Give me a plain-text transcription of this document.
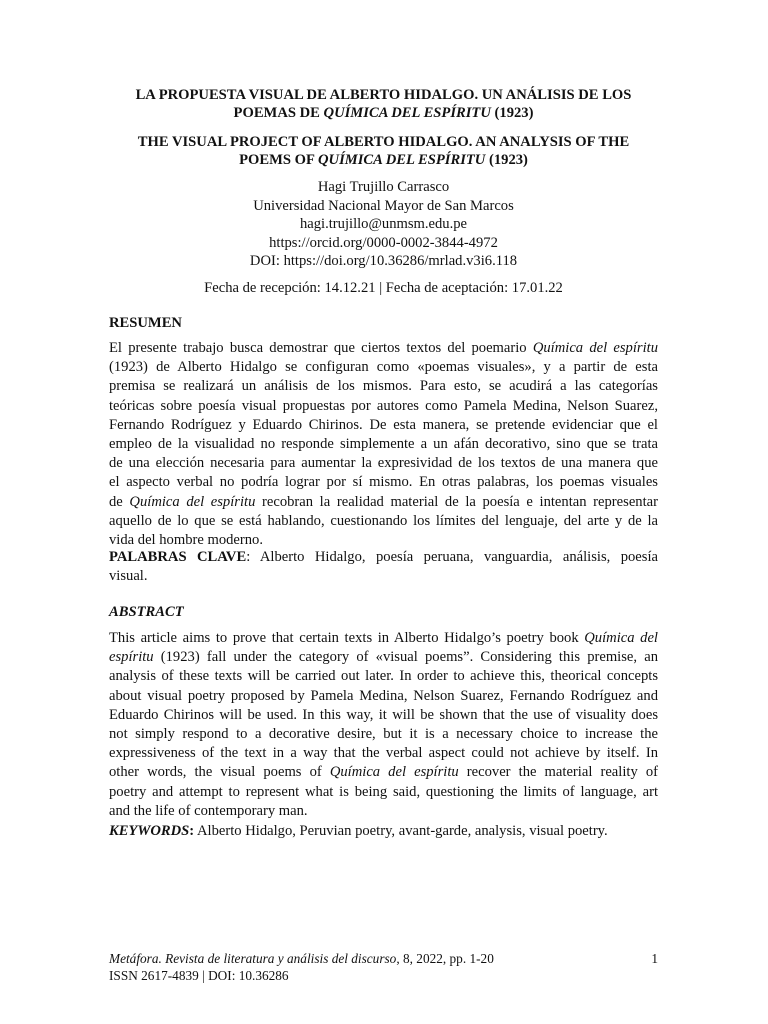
LA PROPUESTA VISUAL DE ALBERTO HIDALGO. UN ANÁLISIS DE LOS

POEMAS DE QUÍMICA DEL ESPÍRITU (1923)

THE VISUAL PROJECT OF ALBERTO HIDALGO. AN ANALYSIS OF THE

POEMS OF QUÍMICA DEL ESPÍRITU (1923)

Hagi Trujillo Carrasco
Universidad Nacional Mayor de San Marcos
hagi.trujillo@unmsm.edu.pe
https://orcid.org/0000-0002-3844-4972
DOI: https://doi.org/10.36286/mrlad.v3i6.118
Fecha de recepción: 14.12.21 | Fecha de aceptación: 17.01.22
RESUMEN
El presente trabajo busca demostrar que ciertos textos del poemario Química del espíritu
(1923) de Alberto Hidalgo se configuran como «poemas visuales», y a partir de esta
premisa se realizará un análisis de los mismos. Para esto, se acudirá a las categorías
teóricas sobre poesía visual propuestas por autores como Pamela Medina, Nelson Suarez,
Fernando Rodríguez y Eduardo Chirinos. De esta manera, se pretende evidenciar que el
empleo de la visualidad no responde simplemente a un afán decorativo, sino que se trata
de una elección necesaria para aumentar la expresividad de los textos de una manera que
el aspecto verbal no podría lograr por sí mismo. En otras palabras, los poemas visuales
de Química del espíritu recobran la realidad material de la poesía e intentan representar
aquello de lo que se está hablando, cuestionando los límites del lenguaje, del arte y de la
vida del hombre moderno.
PALABRAS CLAVE: Alberto Hidalgo, poesía peruana, vanguardia, análisis, poesía
visual.
ABSTRACT
This article aims to prove that certain texts in Alberto Hidalgo’s poetry book Química del
espíritu (1923) fall under the category of «visual poems”. Considering this premise, an
analysis of these texts will be carried out later. In order to achieve this, theorical concepts
about visual poetry proposed by Pamela Medina, Nelson Suarez, Fernando Rodríguez and
Eduardo Chirinos will be used. In this way, it will be shown that the use of visuality does
not simply respond to a decorative desire, but it is a necessary choice to increase the
expressiveness of the text in a way that the verbal aspect could not achieve by itself. In
other words, the visual poems of Química del espíritu recover the material reality of
poetry and attempt to represent what is being said, questioning the limits of language, art
and the life of contemporary man.
KEYWORDS: Alberto Hidalgo, Peruvian poetry, avant-garde, analysis, visual poetry.
Metáfora. Revista de literatura y análisis del discurso, 8, 2022, pp. 1-20
ISSN 2617-4839 | DOI: 10.36286
1
